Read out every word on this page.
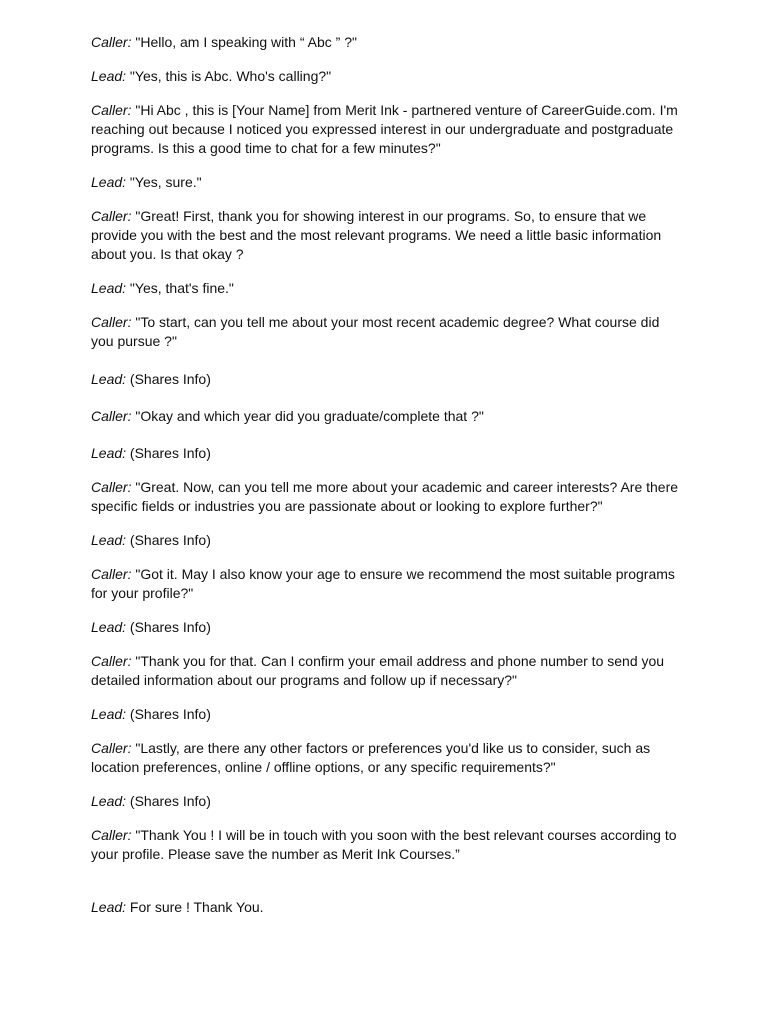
Caller: "Hello, am I speaking with “ Abc ” ?"

Lead: "Yes, this is Abc. Who's calling?"

Caller: "Hi Abc , this is [Your Name] from Merit Ink - partnered venture of CareerGuide.com. I'm reaching out because I noticed you expressed interest in our undergraduate and postgraduate programs. Is this a good time to chat for a few minutes?"

Lead: "Yes, sure."

Caller: "Great! First, thank you for showing interest in our programs. So, to ensure that we provide you with the best and the most relevant programs. We need a little basic information about you. Is that okay ?

Lead: "Yes, that's fine."

Caller: "To start, can you tell me about your most recent academic degree? What course did you pursue ?"

Lead: (Shares Info)

Caller: "Okay and which year did you graduate/complete that ?"

Lead: (Shares Info)

Caller: "Great. Now, can you tell me more about your academic and career interests? Are there specific fields or industries you are passionate about or looking to explore further?"

Lead: (Shares Info)

Caller: "Got it. May I also know your age to ensure we recommend the most suitable programs for your profile?"

Lead: (Shares Info)

Caller: "Thank you for that. Can I confirm your email address and phone number to send you detailed information about our programs and follow up if necessary?"

Lead: (Shares Info)

Caller: "Lastly, are there any other factors or preferences you'd like us to consider, such as location preferences, online / offline options, or any specific requirements?"

Lead: (Shares Info)

Caller: "Thank You ! I will be in touch with you soon with the best relevant courses according to your profile. Please save the number as Merit Ink Courses.”

Lead: For sure ! Thank You.
